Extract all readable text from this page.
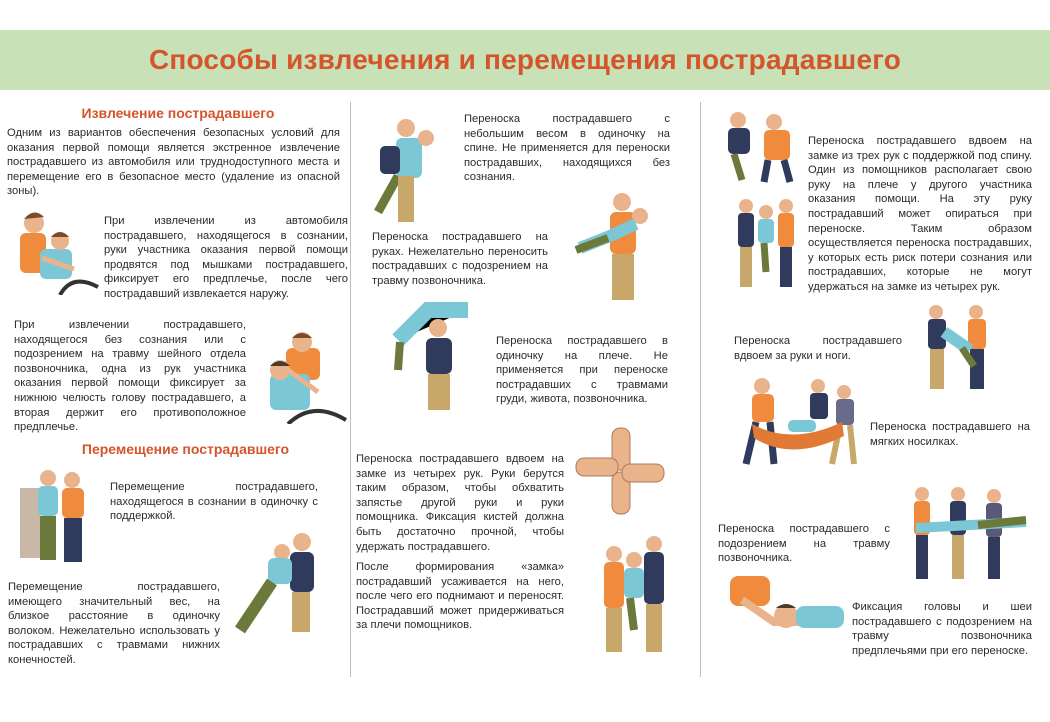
Способы извлечения и перемещения пострадавшего
Извлечение пострадавшего

Одним из вариантов обеспечения безопасных условий для оказания первой помощи является экстренное извлечение пострадавшего из автомобиля или труднодоступного места и перемещение его в безопасное место (удаление из опасной зоны).

При извлечении из автомобиля пострадавшего, находящегося в сознании, руки участника оказания первой помощи продвятся под мышками пострадавшего, фиксирует его предплечье, после чего пострадавший извлекается наружу.

При извлечении пострадавшего, находящегося без сознания или с подозрением на травму шейного отдела позвоночника, одна из рук участника оказания первой помощи фиксирует за нижнюю челюсть голову пострадавшего, а вторая держит его противоположное предплечье.

Перемещение пострадавшего

Перемещение пострадавшего, находящегося в сознании в одиночку с поддержкой.

Перемещение пострадавшего, имеющего значительный вес, на близкое расстояние в одиночку волоком. Нежелательно использовать у пострадавших с травмами нижних конечностей.

Переноска пострадавшего с небольшим весом в одиночку на спине. Не применяется для переноски пострадавших, находящихся без сознания.

Переноска пострадавшего на руках. Нежелательно переносить пострадавших с подозрением на травму позвоночника.

Переноска пострадавшего в одиночку на плече. Не применяется при переноске пострадавших с травмами груди, живота, позвоночника.

Переноска пострадавшего вдвоем на замке из четырех рук. Руки берутся таким образом, чтобы обхватить запястье другой руки и руки помощника. Фиксация кистей должна быть достаточно прочной, чтобы удержать пострадавшего.

После формирования «замка» пострадавший усаживается на него, после чего его поднимают и переносят. Пострадавший может придерживаться за плечи помощников.

Переноска пострадавшего вдвоем на замке из трех рук с поддержкой под спину. Один из помощников располагает свою руку на плече у другого участника оказания помощи. На эту руку пострадавший может опираться при переноске. Таким образом осуществляется переноска пострадавших, у которых есть риск потери сознания или пострадавших, которые не могут удержаться на замке из четырех рук.

Переноска пострадавшего вдвоем за руки и ноги.

Переноска пострадавшего на мягких носилках.

Переноска пострадавшего с подозрением на травму позвоночника.

Фиксация головы и шеи пострадавшего с подозрением на травму позвоночника предплечьями при его переноске.
